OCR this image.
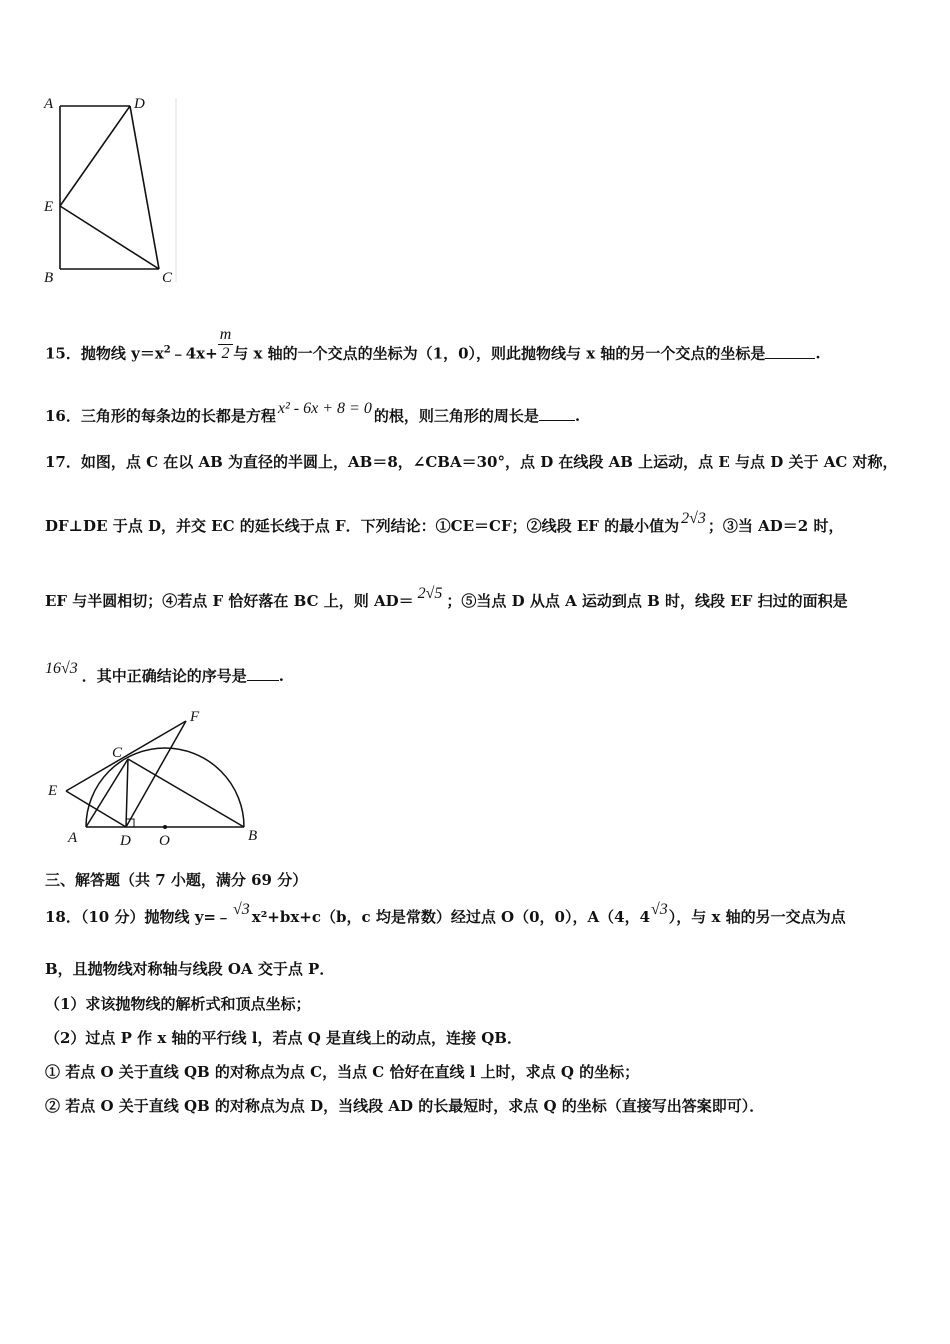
A	D
E
B	C
15．抛物线 $y=x^2﹣4x+ \frac{m}{2}$ 与 x 轴的一个交点的坐标为（1，0），则此抛物线与 x 轴的另一个交点的坐标是	.
16．三角形的每条边的长都是方程 x² - 6x + 8 = 0 的根，则三角形的周长是 .
17．如图，点 C 在以 AB 为直径的半圆上，AB＝8，∠CBA＝30°，点 D 在线段 AB 上运动，点 E 与点 D 关于 AC 对称，
DF⊥DE 于点 D，并交 EC 的延长线于点 F．下列结论：①CE＝CF；②线段 EF 的最小值为 2√3 ；③当 AD＝2 时，
EF 与半圆相切；④若点 F 恰好落在 BC 上，则 AD＝ 2√5 ；⑤当点 D 从点 A 运动到点 B 时，线段 EF 扫过的面积是
16√3 ．其中正确结论的序号是 .
F
C
E
A	D O	B
三、解答题（共 7 小题，满分 69 分）
18．（10 分）抛物线 y=﹣ √3 x²+bx+c（b，c 均是常数）经过点 O（0，0），A（4，4√3），与 x 轴的另一交点为点
B，且抛物线对称轴与线段 OA 交于点 P．
（1）求该抛物线的解析式和顶点坐标；
（2）过点 P 作 x 轴的平行线 l，若点 Q 是直线上的动点，连接 QB．
① 若点 O 关于直线 QB 的对称点为点 C，当点 C 恰好在直线 l 上时，求点 Q 的坐标；
② 若点 O 关于直线 QB 的对称点为点 D，当线段 AD 的长最短时，求点 Q 的坐标（直接写出答案即可）．
